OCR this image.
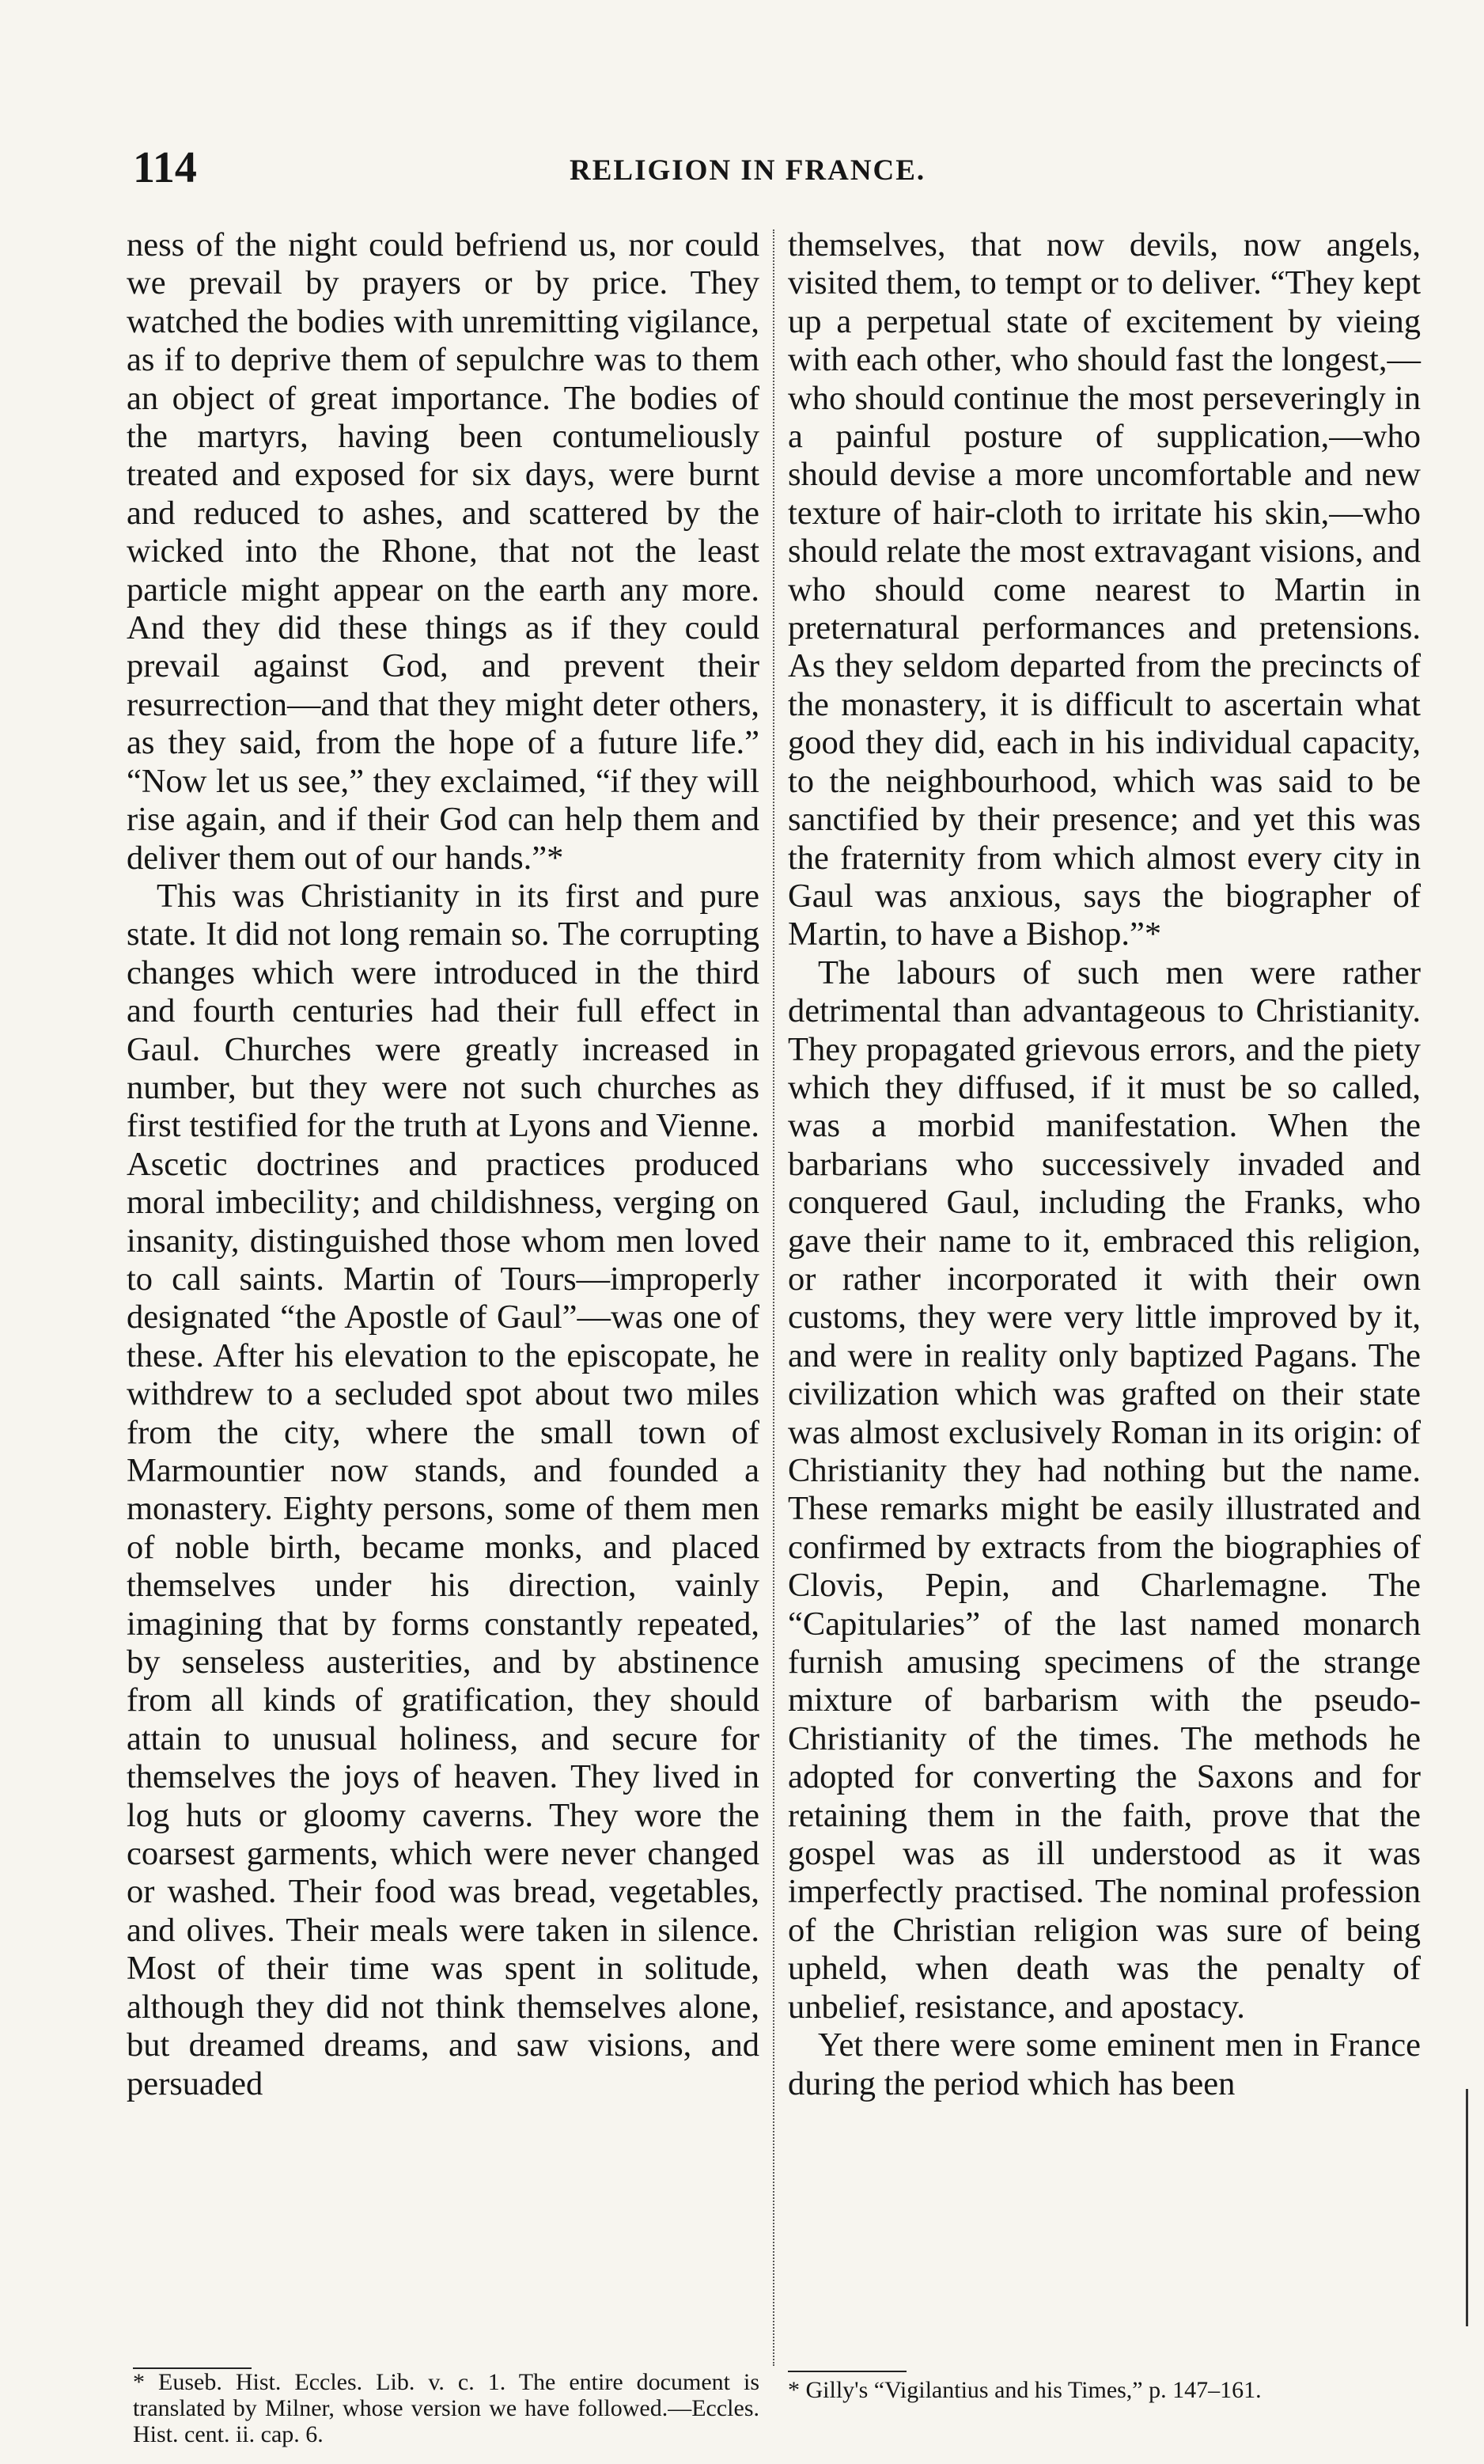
114	RELIGION IN FRANCE.

ness of the night could befriend us, nor could we prevail by prayers or by price. They watched the bodies with unremitting vigilance, as if to deprive them of sepulchre was to them an object of great importance. The bodies of the martyrs, having been contumeliously treated and exposed for six days, were burnt and reduced to ashes, and scattered by the wicked into the Rhone, that not the least particle might appear on the earth any more. And they did these things as if they could prevail against God, and prevent their resurrection—and that they might deter others, as they said, from the hope of a future life.” “Now let us see,” they exclaimed, “if they will rise again, and if their God can help them and deliver them out of our hands.”*

This was Christianity in its first and pure state. It did not long remain so. The corrupting changes which were introduced in the third and fourth centuries had their full effect in Gaul. Churches were greatly increased in number, but they were not such churches as first testified for the truth at Lyons and Vienne. Ascetic doctrines and practices produced moral imbecility; and childishness, verging on insanity, distinguished those whom men loved to call saints. Martin of Tours—improperly designated “the Apostle of Gaul”—was one of these. After his elevation to the episcopate, he withdrew to a secluded spot about two miles from the city, where the small town of Marmountier now stands, and founded a monastery. Eighty persons, some of them men of noble birth, became monks, and placed themselves under his direction, vainly imagining that by forms constantly repeated, by senseless austerities, and by abstinence from all kinds of gratification, they should attain to unusual holiness, and secure for themselves the joys of heaven. They lived in log huts or gloomy caverns. They wore the coarsest garments, which were never changed or washed. Their food was bread, vegetables, and olives. Their meals were taken in silence. Most of their time was spent in solitude, although they did not think themselves alone, but dreamed dreams, and saw visions, and persuaded

themselves, that now devils, now angels, visited them, to tempt or to deliver. “They kept up a perpetual state of excitement by vieing with each other, who should fast the longest,—who should continue the most perseveringly in a painful posture of supplication,—who should devise a more uncomfortable and new texture of hair-cloth to irritate his skin,—who should relate the most extravagant visions, and who should come nearest to Martin in preternatural performances and pretensions. As they seldom departed from the precincts of the monastery, it is difficult to ascertain what good they did, each in his individual capacity, to the neighbourhood, which was said to be sanctified by their presence; and yet this was the fraternity from which almost every city in Gaul was anxious, says the biographer of Martin, to have a Bishop.”*

The labours of such men were rather detrimental than advantageous to Christianity. They propagated grievous errors, and the piety which they diffused, if it must be so called, was a morbid manifestation. When the barbarians who successively invaded and conquered Gaul, including the Franks, who gave their name to it, embraced this religion, or rather incorporated it with their own customs, they were very little improved by it, and were in reality only baptized Pagans. The civilization which was grafted on their state was almost exclusively Roman in its origin: of Christianity they had nothing but the name. These remarks might be easily illustrated and confirmed by extracts from the biographies of Clovis, Pepin, and Charlemagne. The “Capitularies” of the last named monarch furnish amusing specimens of the strange mixture of barbarism with the pseudo-Christianity of the times. The methods he adopted for converting the Saxons and for retaining them in the faith, prove that the gospel was as ill understood as it was imperfectly practised. The nominal profession of the Christian religion was sure of being upheld, when death was the penalty of unbelief, resistance, and apostacy.

Yet there were some eminent men in France during the period which has been

* Euseb. Hist. Eccles. Lib. v. c. 1. The entire document is translated by Milner, whose version we have followed.—Eccles. Hist. cent. ii. cap. 6.
* Gilly's “Vigilantius and his Times,” p. 147–161.
